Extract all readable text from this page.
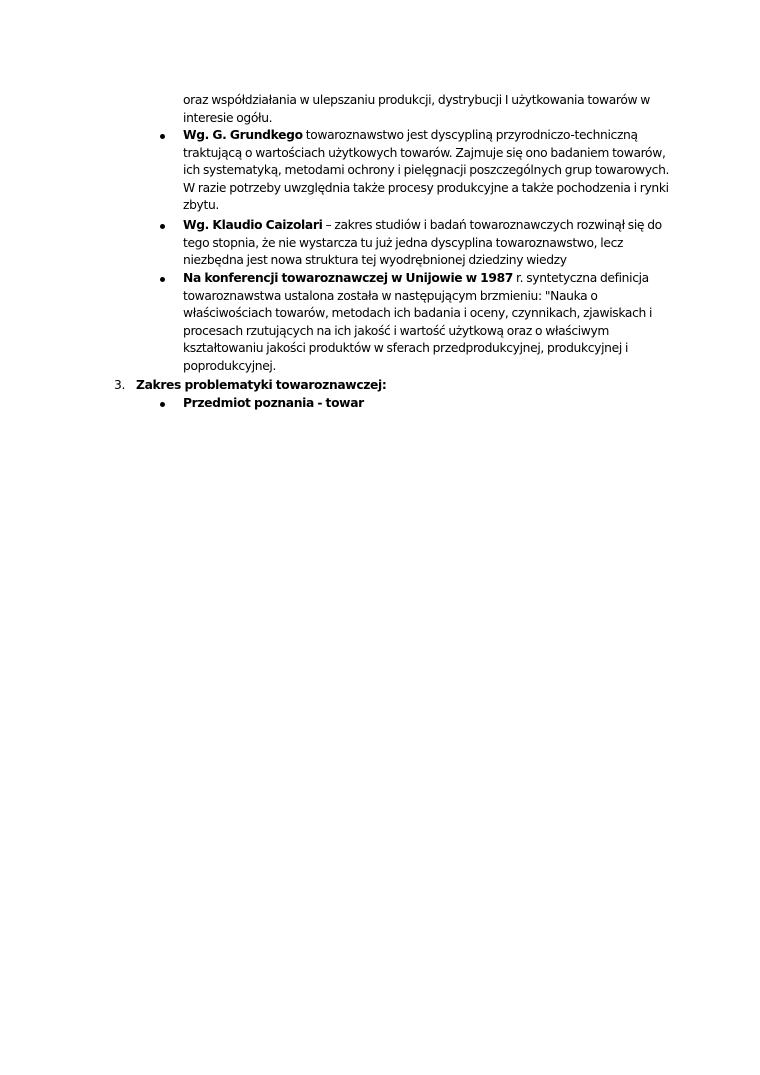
oraz współdziałania w ulepszaniu produkcji, dystrybucji I użytkowania towarów w interesie ogółu.
Wg. G. Grundkego towaroznawstwo jest dyscypliną przyrodniczo-techniczną traktującą o wartościach użytkowych towarów. Zajmuje się ono badaniem towarów, ich systematyką, metodami ochrony i pielęgnacji poszczególnych grup towarowych. W razie potrzeby uwzględnia także procesy produkcyjne a także pochodzenia i rynki zbytu.
Wg. Klaudio Caizolari – zakres studiów i badań towaroznawczych rozwinął się do tego stopnia, że nie wystarcza tu już jedna dyscyplina towaroznawstwo, lecz niezbędna jest nowa struktura tej wyodrębnionej dziedziny wiedzy
Na konferencji towaroznawczej w Unijowie w 1987 r. syntetyczna definicja towaroznawstwa ustalona została w następującym brzmieniu: "Nauka o właściwościach towarów, metodach ich badania i oceny, czynnikach, zjawiskach i procesach rzutujących na ich jakość i wartość użytkową oraz o właściwym kształtowaniu jakości produktów w sferach przedprodukcyjnej, produkcyjnej i poprodukcyjnej.
3. Zakres problematyki towaroznawczej:
Przedmiot poznania - towar
